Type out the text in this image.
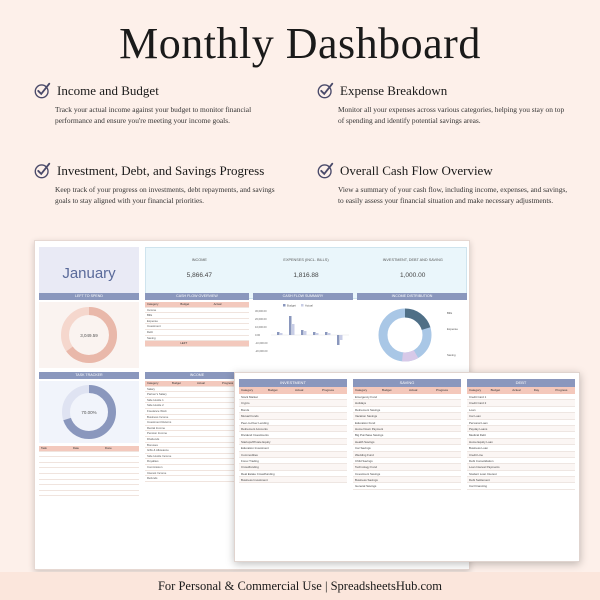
Monthly Dashboard
Income and Budget
Track your actual income against your budget to monitor financial performance and ensure you're meeting your income goals.
Expense Breakdown
Monitor all your expenses across various categories, helping you stay on top of spending and identify potential savings areas.
Investment, Debt, and Savings Progress
Keep track of your progress on investments, debt repayments, and savings goals to stay aligned with your financial priorities.
Overall Cash Flow Overview
View a summary of your cash flow, including income, expenses, and savings, to easily assess your financial situation and make necessary adjustments.
January
INCOME
5,866.47
EXPENSES (INCL. BILLS)
1,816.88
INVESTMENT, DEBT AND SAVING
1,000.00
LEFT TO SPEND
3,049.59
TASK TRACKER
70.00%
Task	Date	Done
CASH FLOW OVERVIEW
Category	Budget	Actual
Income
Bills
Expense
Investment
Debt
Saving
LEFT
CASH FLOW SUMMARY
Budget	Actual
30,000.00
20,000.00
10,000.00
0.00
-10,000.00
-20,000.00
INCOME DISTRIBUTION
Bills
Expense
Saving
INCOME
Category	Budget	Actual	Progress
Salary
Partner's Salary
Side Hustle 1
Side Hustle 2
Freelance Work
Business Income
Investment Returns
Rental Income
Pension Income
Dividends
Bonuses
Gifts & Allowance
Side Hustle Income
Royalties
Commission
Interest Income
Refunds
INVESTMENT
Category	Budget	Actual	Progress
Stock Market
Crypto
Bonds
Mutual Funds
Peer-to-Peer Lending
Retirement Accounts
Dividend Investments
Startups/Private Equity
Education Investment
Commodities
Forex Trading
Crowdfunding
Real Estate Crowdfunding
Business Investment
SAVING
Category	Budget	Actual	Progress
Emergency Fund
Holidays
Retirement Savings
Vacation Savings
Education Fund
Home Down Payment
Big Purchase Savings
Health Savings
Car Savings
Wedding Fund
Child Savings
Technology Fund
Investment Savings
Business Savings
General Savings
DEBT
Category	Budget	Actual	Day	Progress
Credit Card 1
Credit Card 2
Loan
Car Loan
Personal Loan
Payday Loans
Medical Debt
Home Equity Loan
Business Loan
Credit Line
Debt Consolidation
Loan Interest Payments
Student Loan Interest
Debt Settlement
Car Financing
For Personal & Commercial Use | SpreadsheetsHub.com
